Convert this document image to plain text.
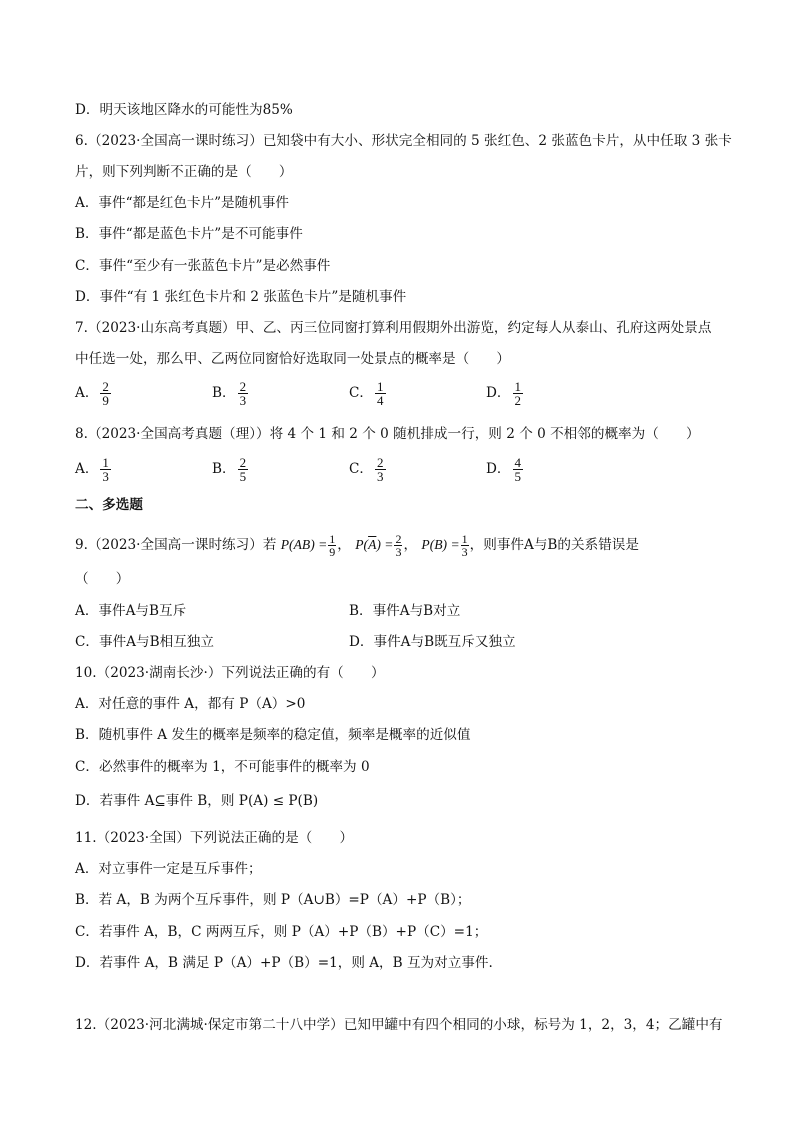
D．明天该地区降水的可能性为85%
6.（2023·全国高一课时练习）已知袋中有大小、形状完全相同的 5 张红色、2 张蓝色卡片，从中任取 3 张卡
片，则下列判断不正确的是（　　）
A．事件“都是红色卡片”是随机事件
B．事件“都是蓝色卡片”是不可能事件
C．事件“至少有一张蓝色卡片”是必然事件
D．事件“有 1 张红色卡片和 2 张蓝色卡片”是随机事件
7.（2023·山东高考真题）甲、乙、丙三位同窗打算利用假期外出游览，约定每人从泰山、孔府这两处景点
中任选一处，那么甲、乙两位同窗恰好选取同一处景点的概率是（　　）
A． $\frac{2}{9}$	B． $\frac{2}{3}$	C． $\frac{1}{4}$	D． $\frac{1}{2}$
8.（2023·全国高考真题（理））将 4 个 1 和 2 个 0 随机排成一行，则 2 个 0 不相邻的概率为（　　）
A． $\frac{1}{3}$	B． $\frac{2}{5}$	C． $\frac{2}{3}$	D． $\frac{4}{5}$
二、多选题
9.（2023·全国高一课时练习）若 $P(AB) = \frac{1}{9}$ ， $P(\overline{A}) = \frac{2}{3}$ ， $P(B) = \frac{1}{3}$ ，则事件A与B的关系错误是
（　　）
A．事件A与B互斥	B．事件A与B对立
C．事件A与B相互独立	D．事件A与B既互斥又独立
10.（2023·湖南长沙·）下列说法正确的有（　　）
A．对任意的事件 A，都有 P（A）>0
B．随机事件 A 发生的概率是频率的稳定值，频率是概率的近似值
C．必然事件的概率为 1，不可能事件的概率为 0
D．若事件 A⊆事件 B，则 P(A) ≤ P(B)
11.（2023·全国）下列说法正确的是（　　）
A．对立事件一定是互斥事件；
B．若 A，B 为两个互斥事件，则 P（A∪B）=P（A）+P（B）；
C．若事件 A，B，C 两两互斥，则 P（A）+P（B）+P（C）=1；
D．若事件 A，B 满足 P（A）+P（B）=1，则 A，B 互为对立事件.
12.（2023·河北满城·保定市第二十八中学）已知甲罐中有四个相同的小球，标号为 1，2，3，4；乙罐中有
